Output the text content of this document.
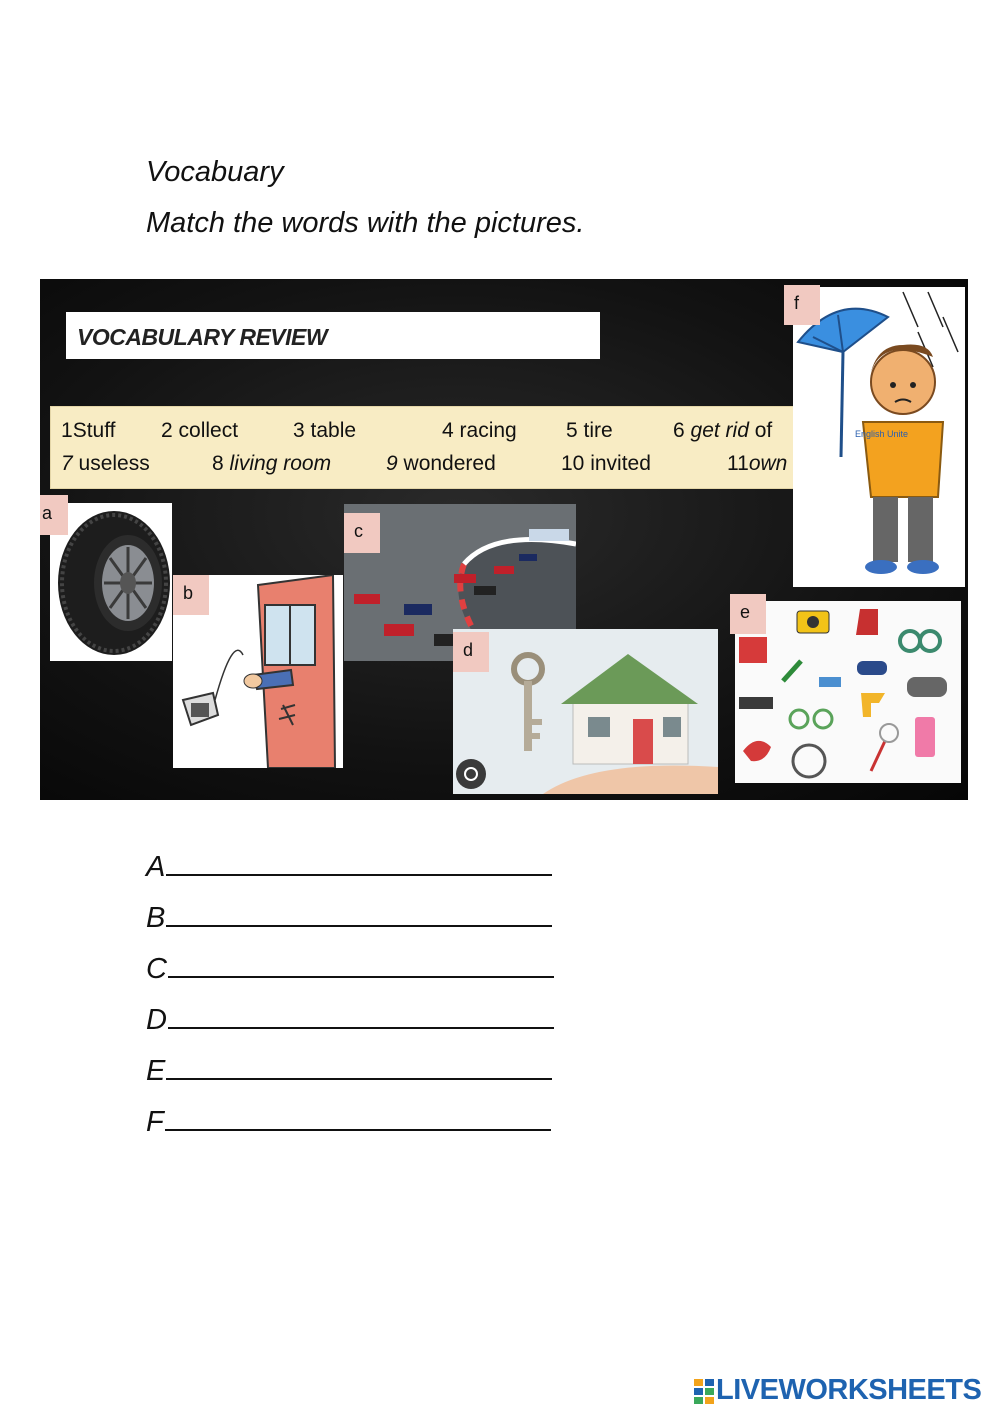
Vocabuary
Match the words with the pictures.
VOCABULARY REVIEW
1Stuff 2 collect	3 table	4 racing 5 tire	6 get rid of
7 useless	8 living room	9 wondered	10 invited	11own
a
b
c
d
e
English Unite
f
A
B
C
D
E
F
LIVEWORKSHEETS
